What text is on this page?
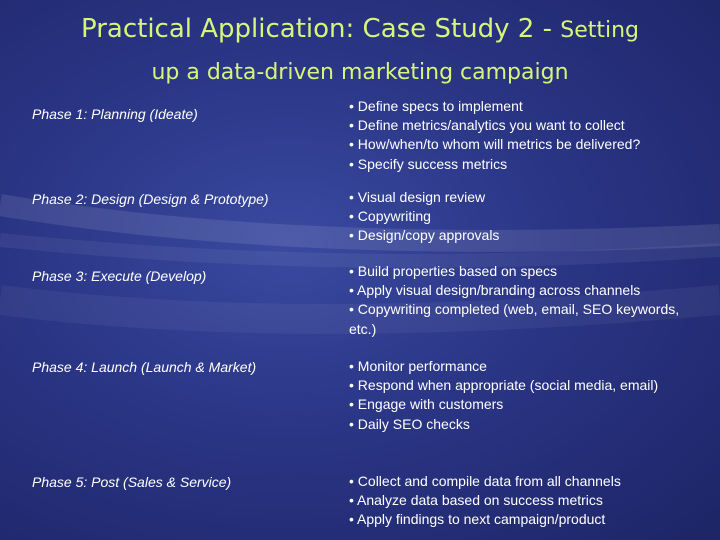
Practical Application: Case Study 2 - Setting
up a data-driven marketing campaign
Phase 1: Planning (Ideate)	• Define specs to implement
• Define metrics/analytics you want to collect
• How/when/to whom will metrics be delivered?
• Specify success metrics
Phase 2: Design (Design & Prototype)	• Visual design review
• Copywriting
• Design/copy approvals
Phase 3: Execute (Develop)	• Build properties based on specs
• Apply visual design/branding across channels
• Copywriting completed (web, email, SEO keywords, etc.)
Phase 4: Launch (Launch & Market)	• Monitor performance
• Respond when appropriate (social media, email)
• Engage with customers
• Daily SEO checks
Phase 5: Post (Sales & Service)	• Collect and compile data from all channels
• Analyze data based on success metrics
• Apply findings to next campaign/product
